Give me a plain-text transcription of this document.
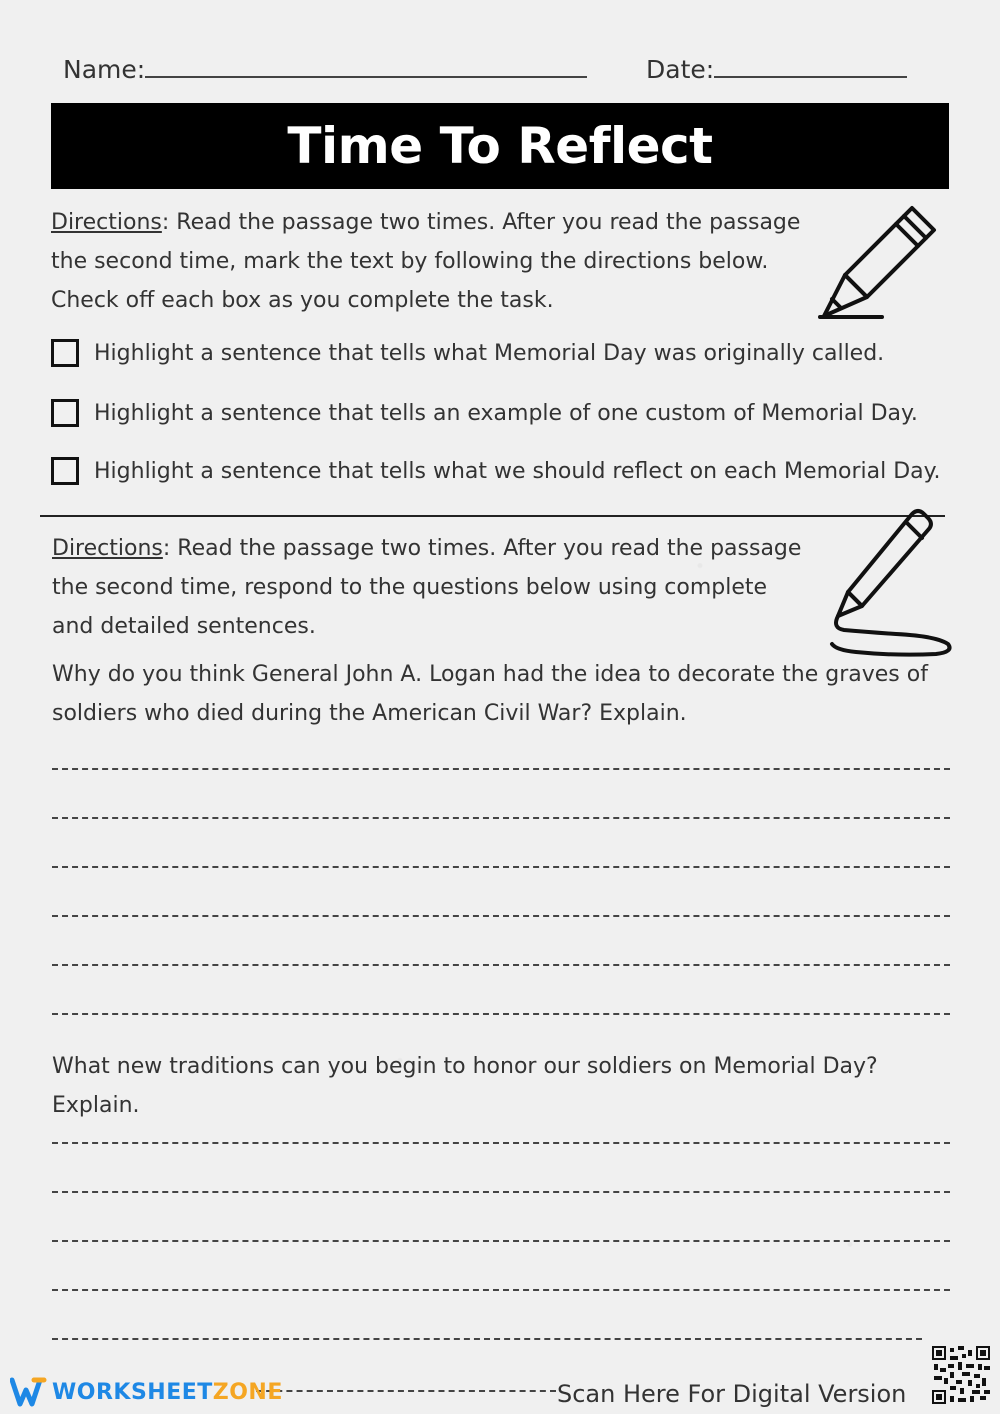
Name:	Date:
Time To Reflect
Directions: Read the passage two times. After you read the passage
the second time, mark the text by following the directions below.
Check off each box as you complete the task.
Highlight a sentence that tells what Memorial Day was originally called.
Highlight a sentence that tells an example of one custom of Memorial Day.
Highlight a sentence that tells what we should reflect on each Memorial Day.
Directions: Read the passage two times. After you read the passage
the second time, respond to the questions below using complete
and detailed sentences.
Why do you think General John A. Logan had the idea to decorate the graves of
soldiers who died during the American Civil War? Explain.
What new traditions can you begin to honor our soldiers on Memorial Day?
Explain.
WORKSHEETZONE	Scan Here For Digital Version
